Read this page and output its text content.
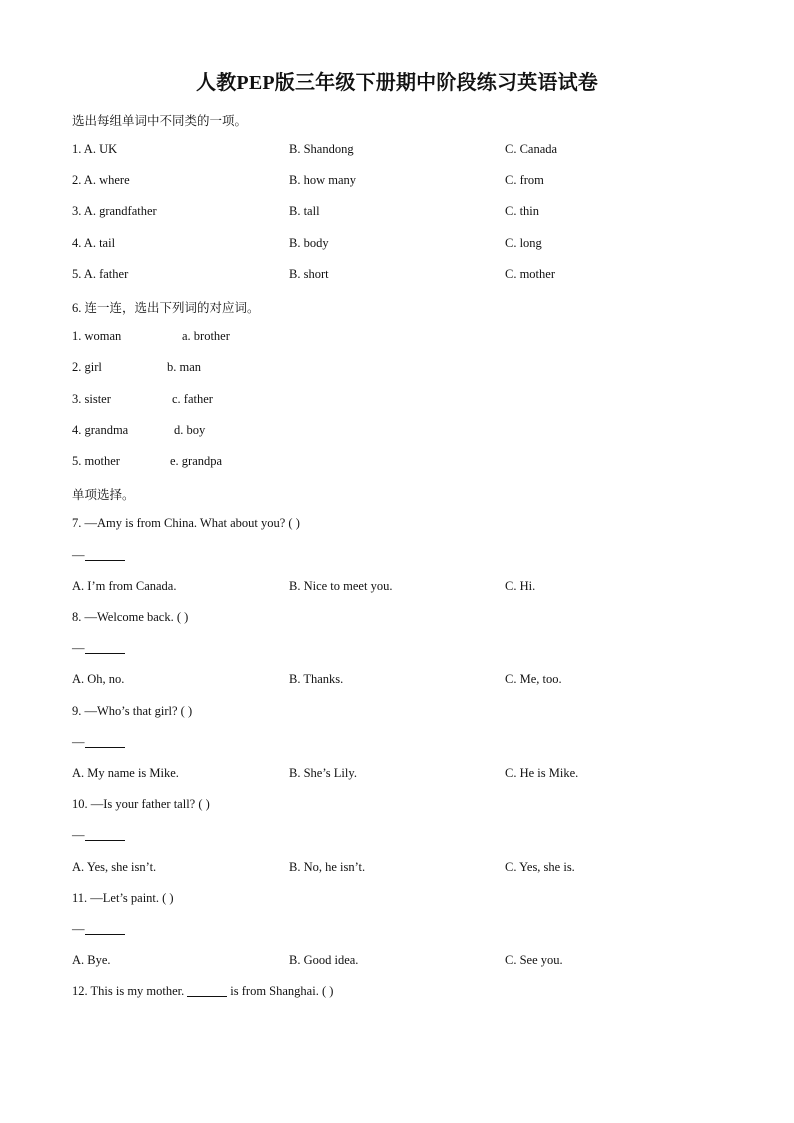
人教PEP版三年级下册期中阶段练习英语试卷
选出每组单词中不同类的一项。
1. A. UK	B. Shandong	C. Canada
2. A. where	B. how many	C. from
3. A. grandfather	B. tall	C. thin
4. A. tail	B. body	C. long
5. A. father	B. short	C. mother
6. 连一连，选出下列词的对应词。
1. woman	a. brother
2. girl	b. man
3. sister	c. father
4. grandma	d. boy
5. mother	e. grandpa
单项选择。
7. —Amy is from China. What about you? ( )
—
A. I’m from Canada.	B. Nice to meet you.	C. Hi.
8. —Welcome back. ( )
—
A. Oh, no.	B. Thanks.	C. Me, too.
9. —Who’s that girl? ( )
—
A. My name is Mike.	B. She’s Lily.	C. He is Mike.
10. —Is your father tall? ( )
—
A. Yes, she isn’t.	B. No, he isn’t.	C. Yes, she is.
11. —Let’s paint. ( )
—
A. Bye.	B. Good idea.	C. See you.
12. This is my mother.	is from Shanghai. ( )
